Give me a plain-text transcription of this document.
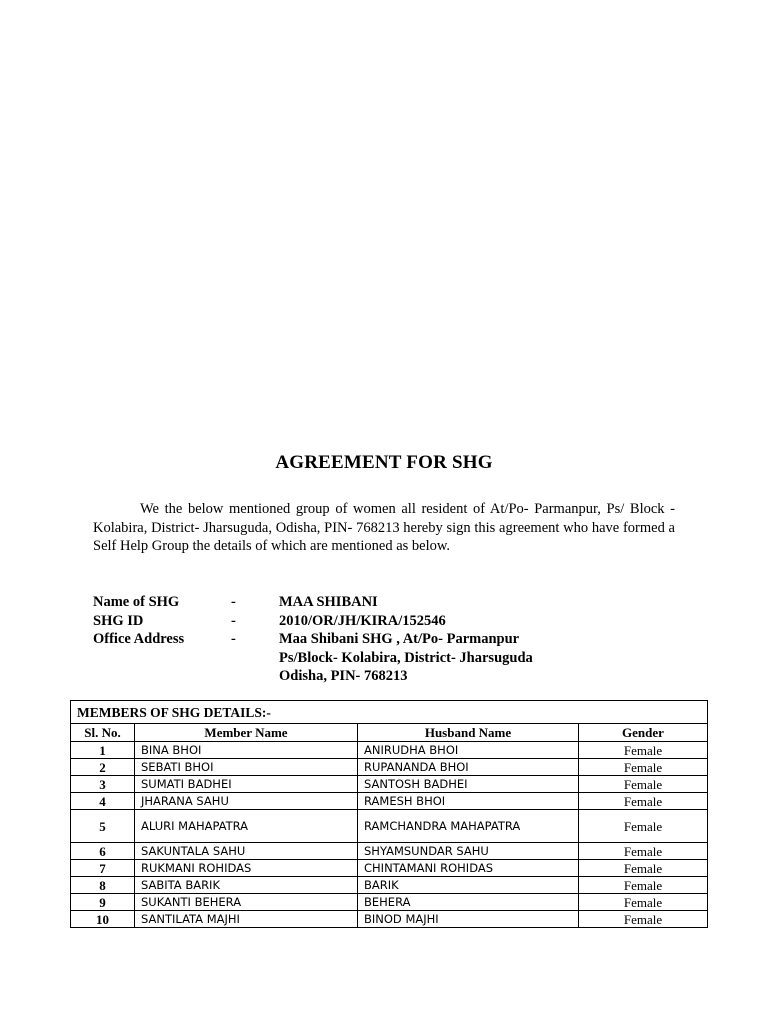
AGREEMENT FOR SHG
We the below mentioned group of women all resident of At/Po- Parmanpur, Ps/ Block - Kolabira, District- Jharsuguda, Odisha, PIN- 768213 hereby sign this agreement who have formed a Self Help Group the details of which are mentioned as below.
Name of SHG	-	MAA SHIBANI
SHG ID	-	2010/OR/JH/KIRA/152546
Office Address	-	Maa Shibani SHG , At/Po- Parmanpur
Ps/Block- Kolabira, District- Jharsuguda
Odisha, PIN- 768213
MEMBERS OF SHG DETAILS:-			
Sl. No.	Member Name	Husband Name	Gender
1	BINA BHOI	ANIRUDHA BHOI	Female
2	SEBATI BHOI	RUPANANDA BHOI	Female
3	SUMATI BADHEI	SANTOSH BADHEI	Female
4	JHARANA SAHU	RAMESH BHOI	Female
5	ALURI MAHAPATRA	RAMCHANDRA MAHAPATRA	Female
6	SAKUNTALA SAHU	SHYAMSUNDAR SAHU	Female
7	RUKMANI ROHIDAS	CHINTAMANI ROHIDAS	Female
8	SABITA BARIK	BARIK	Female
9	SUKANTI BEHERA	BEHERA	Female
10	SANTILATA MAJHI	BINOD MAJHI	Female
